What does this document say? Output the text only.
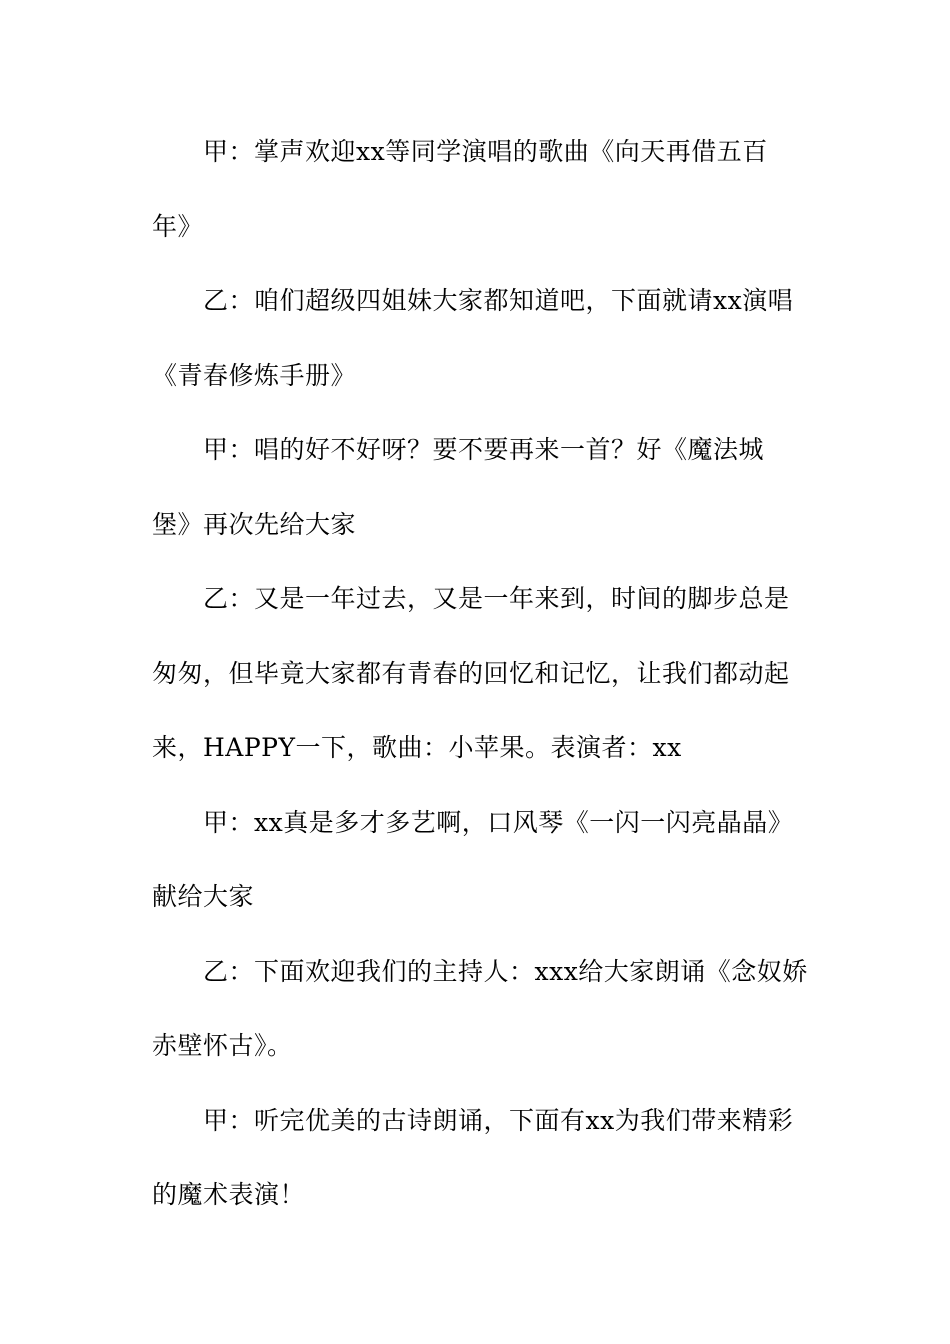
甲：掌声欢迎xx等同学演唱的歌曲《向天再借五百
年》
乙：咱们超级四姐妹大家都知道吧，下面就请xx演唱
《青春修炼手册》
甲：唱的好不好呀？要不要再来一首？好《魔法城
堡》再次先给大家
乙：又是一年过去，又是一年来到，时间的脚步总是
匆匆，但毕竟大家都有青春的回忆和记忆，让我们都动起
来，HAPPY一下，歌曲：小苹果。表演者：xx
甲：xx真是多才多艺啊，口风琴《一闪一闪亮晶晶》
献给大家
乙：下面欢迎我们的主持人：xxx给大家朗诵《念奴娇
赤壁怀古》。
甲：听完优美的古诗朗诵，下面有xx为我们带来精彩
的魔术表演！
